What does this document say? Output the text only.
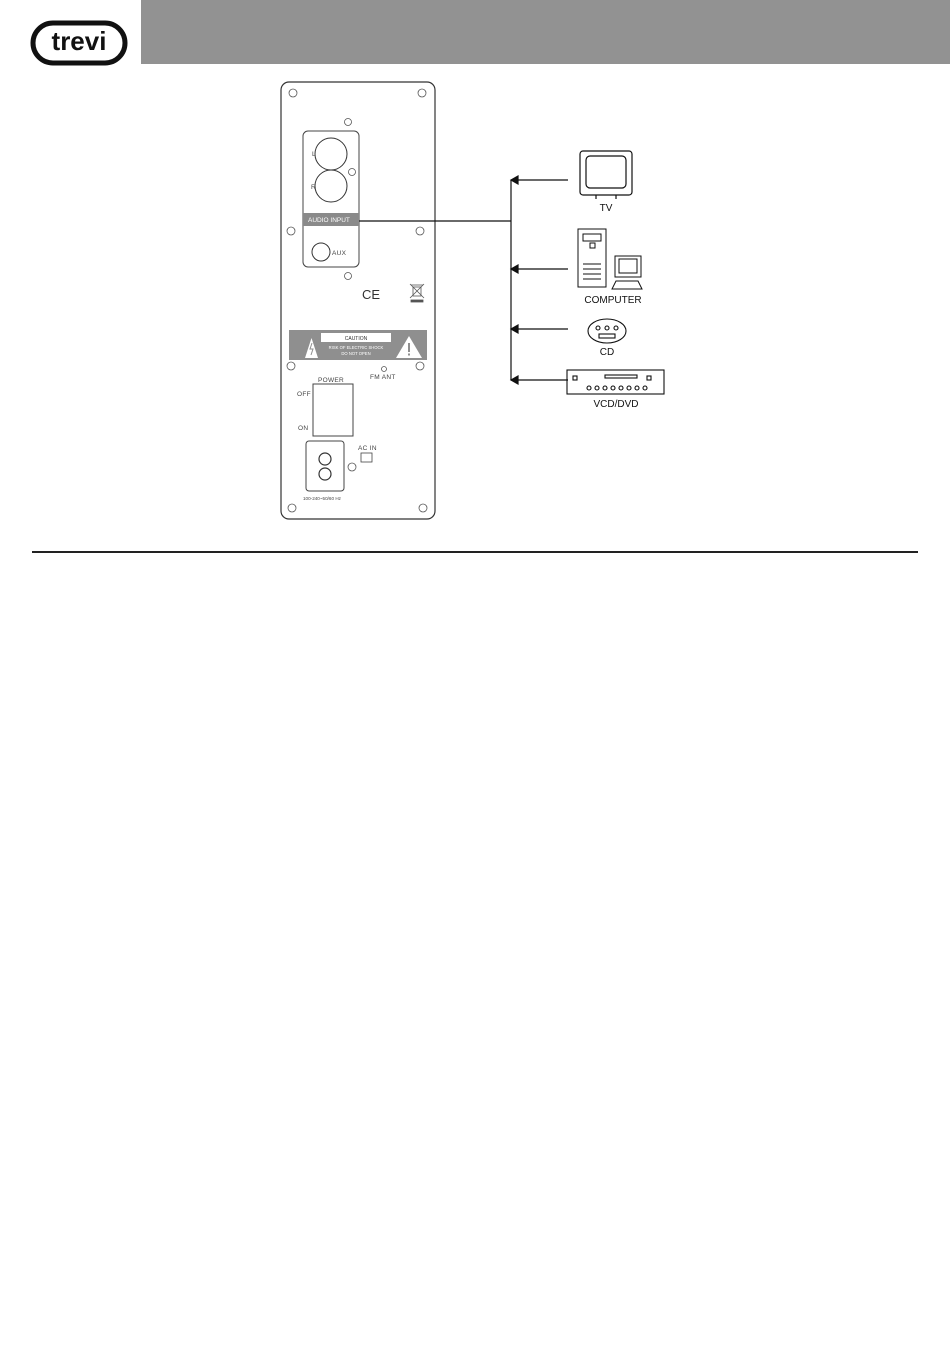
trevi
L
R
AUDIO INPUT
AUX
CE
CAUTION
RISK OF ELECTRIC SHOCK
DO NOT OPEN
POWER
OFF
ON
FM ANT
AC IN
100-240~50/60 Hz
TV
COMPUTER
CD
VCD/DVD
